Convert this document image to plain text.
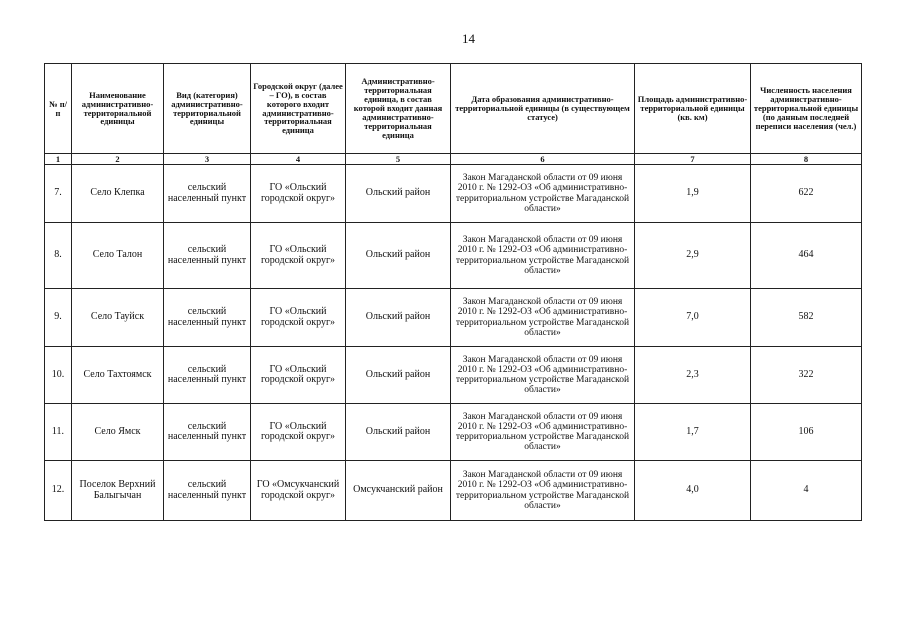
14
№ п/п	Наименование административно-территориальной единицы	Вид (категория) административно-территориальной единицы	Городской округ (далее – ГО), в состав которого входит административно-территориальная единица	Административно-территориальная единица, в состав которой входит данная административно-территориальная единица	Дата образования административно-территориальной единицы (в существующем статусе)	Площадь административно-территориальной единицы (кв. км)	Численность населения административно-территориальной единицы (по данным последней переписи населения (чел.)
1	2	3	4	5	6	7	8
7.	Село Клепка	сельский населенный пункт	ГО «Ольский городской округ»	Ольский район	Закон Магаданской области от 09 июня 2010 г. № 1292-ОЗ «Об административно-территориальном устройстве Магаданской области»	1,9	622
8.	Село Талон	сельский населенный пункт	ГО «Ольский городской округ»	Ольский район	Закон Магаданской области от 09 июня 2010 г. № 1292-ОЗ «Об административно-территориальном устройстве Магаданской области»	2,9	464
9.	Село Тауйск	сельский населенный пункт	ГО «Ольский городской округ»	Ольский район	Закон Магаданской области от 09 июня 2010 г. № 1292-ОЗ «Об административно-территориальном устройстве Магаданской области»	7,0	582
10.	Село Тахтоямск	сельский населенный пункт	ГО «Ольский городской округ»	Ольский район	Закон Магаданской области от 09 июня 2010 г. № 1292-ОЗ «Об административно-территориальном устройстве Магаданской области»	2,3	322
11.	Село Ямск	сельский населенный пункт	ГО «Ольский городской округ»	Ольский район	Закон Магаданской области от 09 июня 2010 г. № 1292-ОЗ «Об административно-территориальном устройстве Магаданской области»	1,7	106
12.	Поселок Верхний Балыгычан	сельский населенный пункт	ГО «Омсукчанский городской округ»	Омсукчанский район	Закон Магаданской области от 09 июня 2010 г. № 1292-ОЗ «Об административно-территориальном устройстве Магаданской области»	4,0	4
